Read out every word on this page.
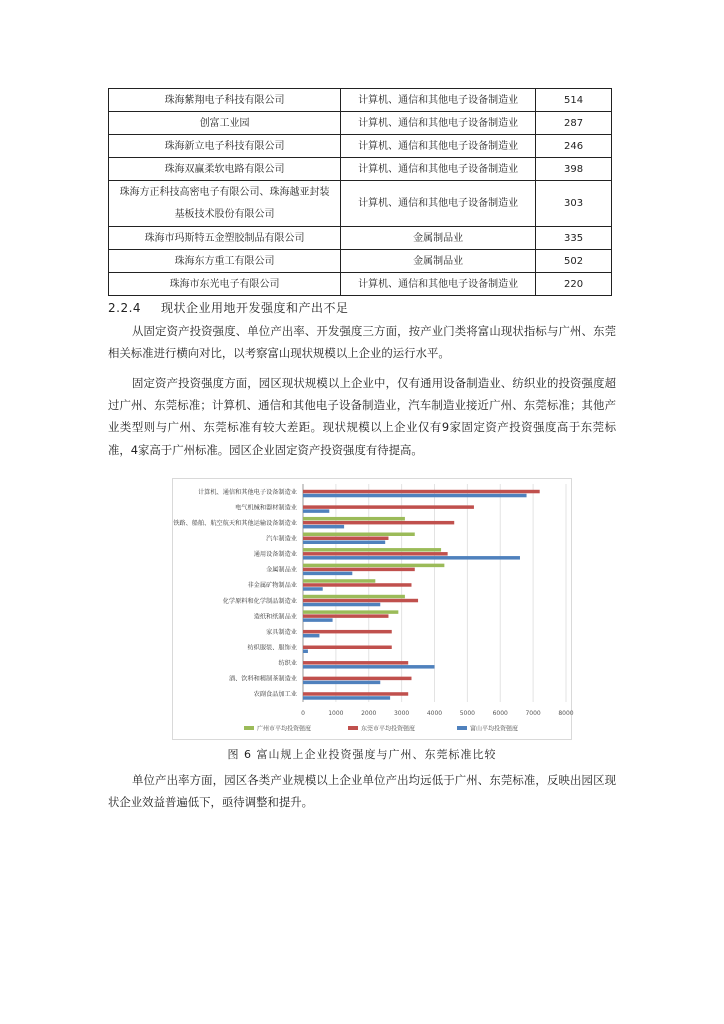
珠海紫翔电子科技有限公司	计算机、通信和其他电子设备制造业	514
创富工业园	计算机、通信和其他电子设备制造业	287
珠海新立电子科技有限公司	计算机、通信和其他电子设备制造业	246
珠海双赢柔软电路有限公司	计算机、通信和其他电子设备制造业	398

珠海方正科技高密电子有限公司、珠海越亚封装
基板技术股份有限公司	计算机、通信和其他电子设备制造业	303
珠海市玛斯特五金塑胶制品有限公司	金属制品业	335
珠海东方重工有限公司	金属制品业	502
珠海市东光电子有限公司	计算机、通信和其他电子设备制造业	220
2.2.4 现状企业用地开发强度和产出不足

从固定资产投资强度、单位产出率、开发强度三方面，按产业门类将富山现状指标与广州、东莞相关标准进行横向对比，以考察富山现状规模以上企业的运行水平。

固定资产投资强度方面，园区现状规模以上企业中，仅有通用设备制造业、纺织业的投资强度超过广州、东莞标准；计算机、通信和其他电子设备制造业，汽车制造业接近广州、东莞标准；其他产业类型则与广州、东莞标准有较大差距。现状规模以上企业仅有9家固定资产投资强度高于东莞标准，4家高于广州标准。园区企业固定资产投资强度有待提高。

0	1000	2000	3000	4000	5000	6000	7000	8000
计算机、通信和其他电子设备制造业
电气机械和器材制造业
铁路、船舶、航空航天和其他运输设备制造业
汽车制造业
通用设备制造业
金属制品业
非金属矿物制品业
化学原料和化学制品制造业
造纸和纸制品业
家具制造业
纺织服装、服饰业
纺织业
酒、饮料和精制茶制造业
农副食品加工业
广州市平均投资强度	东莞市平均投资强度	富山平均投资强度
图 6 富山规上企业投资强度与广州、东莞标准比较

单位产出率方面，园区各类产业规模以上企业单位产出均远低于广州、东莞标准，反映出园区现状企业效益普遍低下，亟待调整和提升。
